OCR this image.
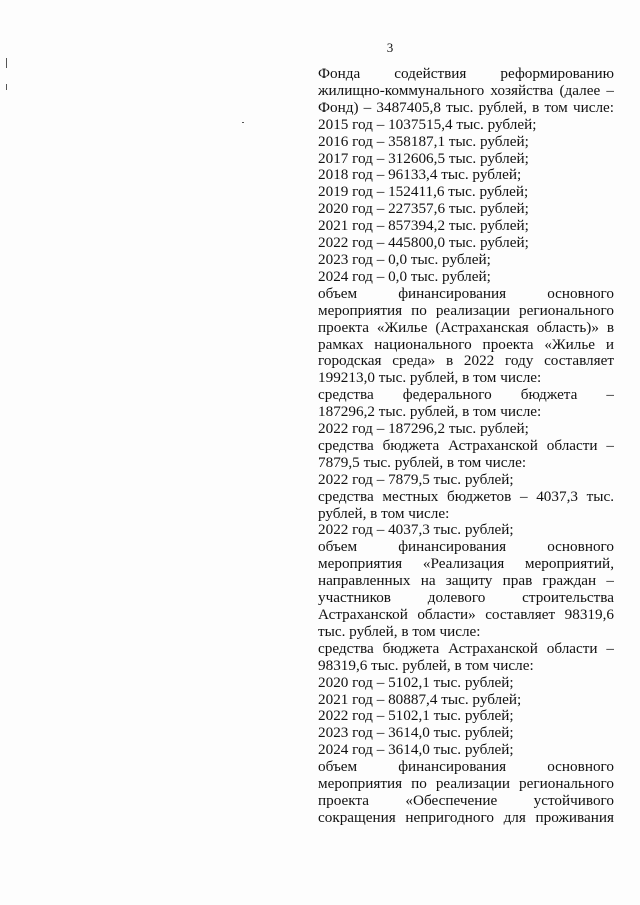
3
Фонда содействия реформированию
жилищно-коммунального хозяйства (далее –
Фонд) – 3487405,8 тыс. рублей, в том числе:
2015 год – 1037515,4 тыс. рублей;
2016 год – 358187,1 тыс. рублей;
2017 год – 312606,5 тыс. рублей;
2018 год – 96133,4 тыс. рублей;
2019 год – 152411,6 тыс. рублей;
2020 год – 227357,6 тыс. рублей;
2021 год – 857394,2 тыс. рублей;
2022 год – 445800,0 тыс. рублей;
2023 год – 0,0 тыс. рублей;
2024 год – 0,0 тыс. рублей;
объем финансирования основного
мероприятия по реализации регионального
проекта «Жилье (Астраханская область)» в
рамках национального проекта «Жилье и
городская среда» в 2022 году составляет
199213,0 тыс. рублей, в том числе:
средства федерального бюджета –
187296,2 тыс. рублей, в том числе:
2022 год – 187296,2 тыс. рублей;
средства бюджета Астраханской области –
7879,5 тыс. рублей, в том числе:
2022 год – 7879,5 тыс. рублей;
средства местных бюджетов – 4037,3 тыс.
рублей, в том числе:
2022 год – 4037,3 тыс. рублей;
объем финансирования основного
мероприятия «Реализация мероприятий,
направленных на защиту прав граждан –
участников долевого строительства
Астраханской области» составляет 98319,6
тыс. рублей, в том числе:
средства бюджета Астраханской области –
98319,6 тыс. рублей, в том числе:
2020 год – 5102,1 тыс. рублей;
2021 год – 80887,4 тыс. рублей;
2022 год – 5102,1 тыс. рублей;
2023 год – 3614,0 тыс. рублей;
2024 год – 3614,0 тыс. рублей;
объем финансирования основного
мероприятия по реализации регионального
проекта «Обеспечение устойчивого
сокращения непригодного для проживания
